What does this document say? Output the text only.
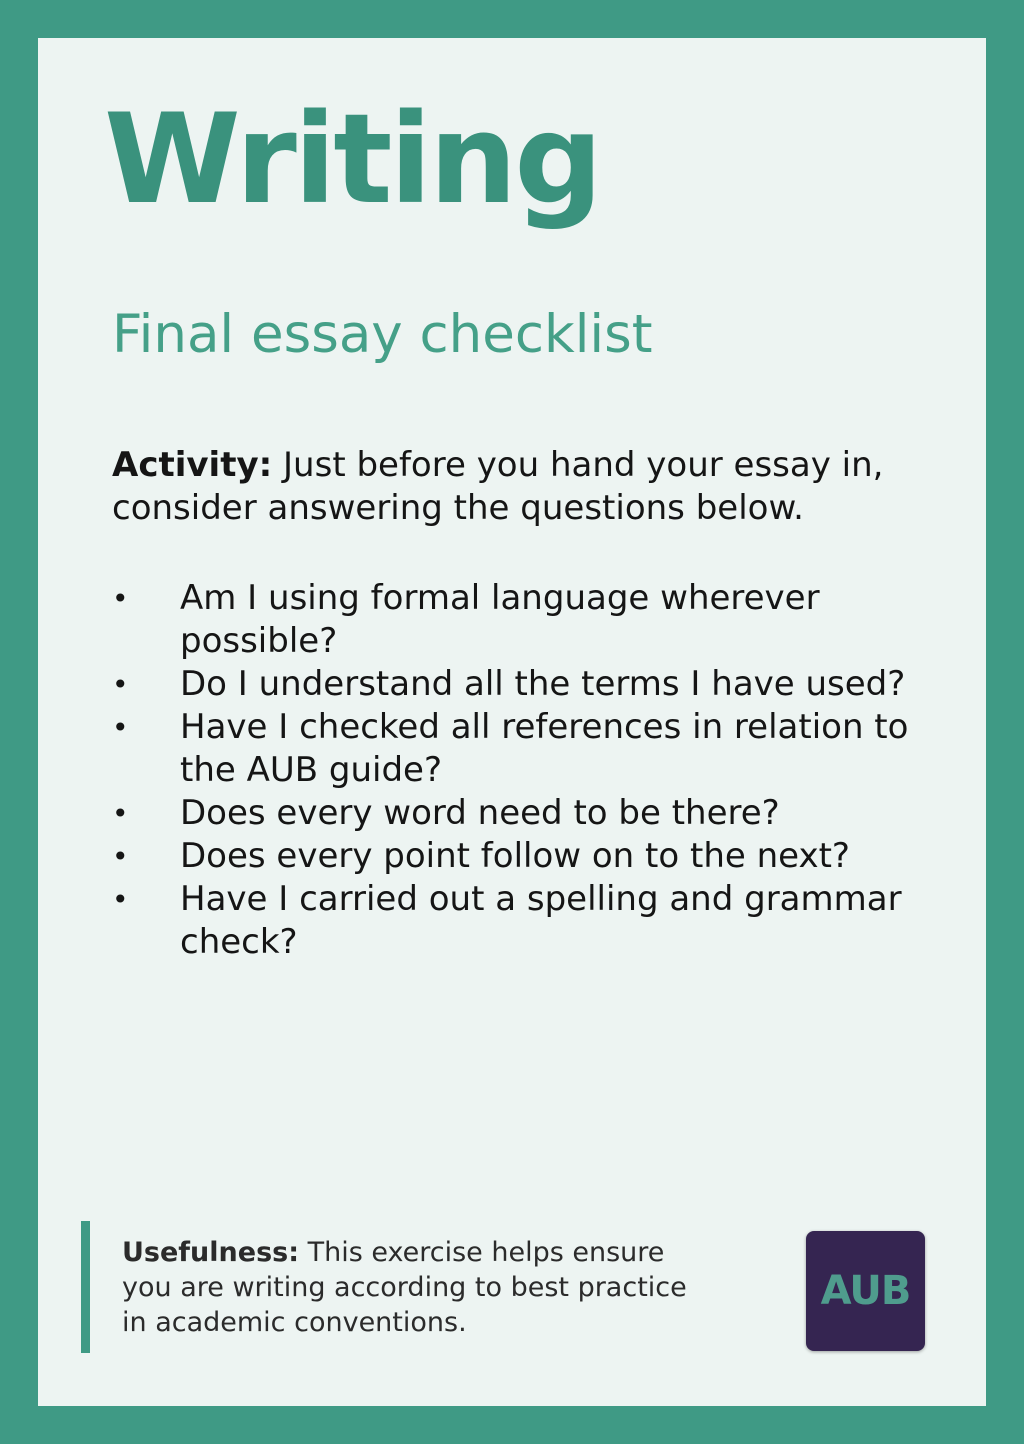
Writing
Final essay checklist

Activity: Just before you hand your essay in, consider answering the questions below.

• Am I using formal language wherever possible?
• Do I understand all the terms I have used?
• Have I checked all references in relation to the AUB guide?
• Does every word need to be there?
• Does every point follow on to the next?
• Have I carried out a spelling and grammar check?

Usefulness: This exercise helps ensure you are writing according to best practice in academic conventions.

AUB
